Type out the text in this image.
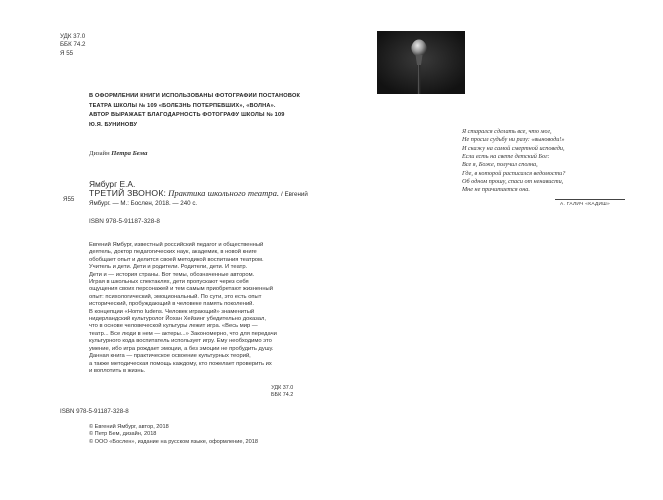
УДК 37.0
ББК 74.2
Я 55
В ОФОРМЛЕНИИ КНИГИ ИСПОЛЬЗОВАНЫ ФОТОГРАФИИ ПОСТАНОВОК
ТЕАТРА ШКОЛЫ № 109 «БОЛЕЗНЬ ПОТЕРПЕВШИХ», «ВОЛНА».
АВТОР ВЫРАЖАЕТ БЛАГОДАРНОСТЬ ФОТОГРАФУ ШКОЛЫ № 109
Ю.Я. БУНИНОВУ
Дизайн Петра Бема
Я55
Ямбург Е.А.
ТРЕТИЙ ЗВОНОК: Практика школьного театра. / Евгений
Ямбург. — М.: Бослен, 2018. — 240 с.
ISBN 978-5-91187-328-8

Евгений Ямбург, известный российский педагог и общественный

деятель, доктор педагогических наук, академик, в новой книге

обобщает опыт и делится своей методикой воспитания театром.

Учитель и дети. Дети и родители. Родители, дети. И театр.

Дети и — история страны. Вот темы, обозначенные автором.

Играя в школьных спектаклях, дети пропускают через себя

ощущения своих персонажей и тем самым приобретают жизненный

опыт: психологический, эмоциональный. По сути, это есть опыт

исторический, пробуждающий в человеке память поколений.

В концепции «Homo ludens. Человек играющий» знаменитый

нидерландский культуролог Йохан Хейзинг убедительно доказал,

что в основе человеческой культуры лежит игра. «Весь мир —

театр... Все люди в нем — актеры...» Закономерно, что для передачи

культурного кода воспитатель использует игру. Ему необходимо это

умение, ибо игра рождает эмоции, а без эмоции не пробудить душу.

Данная книга — практическое освоение культурных теорий,

а также методическая помощь каждому, кто пожелает проверить их

и воплотить в жизнь.

УДК 37.0
ББК 74.2
ISBN 978-5-91187-328-8
© Евгений Ямбург, автор, 2018
© Петр Бем, дизайн, 2018
© ООО «Бослен», издание на русском языке, оформление, 2018
Я старался сделать все, что мог,
Не просил судьбу ни разу: «выноводи!»
И скажу на самой смертной исповеди,
Если есть на свете детский Бог:
Все я, Боже, получил сполна,
Где, в которой расписался ведомости?
Об одном прошу, спаси от ненависти,
Мне не причитается она.
А. ГАЛИЧ «КАДИШ»
